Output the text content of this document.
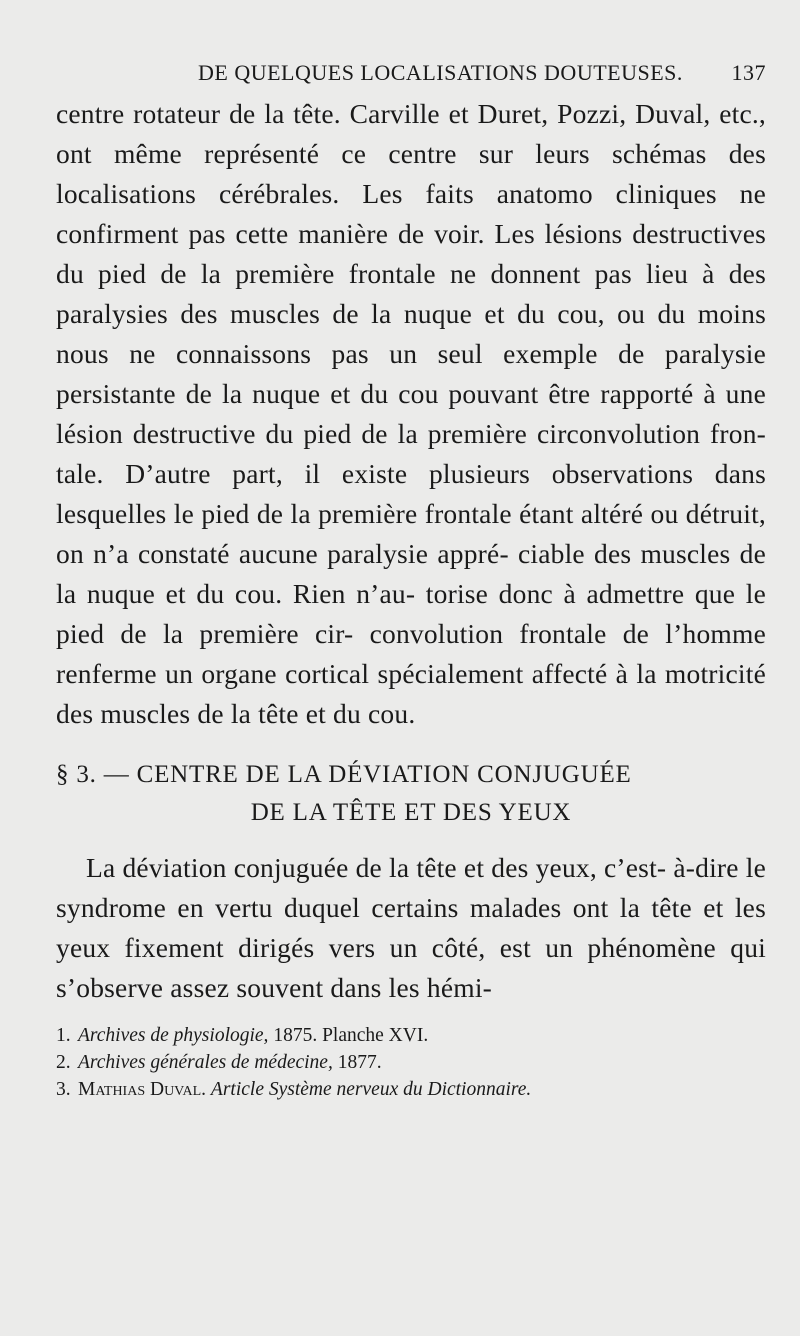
DE QUELQUES LOCALISATIONS DOUTEUSES. 137

centre rotateur de la tête. Carville et Duret, Pozzi, Duval, etc., ont même représenté ce centre sur leurs schémas des localisations cérébrales. Les faits anatomo cliniques ne confirment pas cette manière de voir. Les lésions destructives du pied de la première frontale ne donnent pas lieu à des paralysies des muscles de la nuque et du cou, ou du moins nous ne connaissons pas un seul exemple de paralysie persistante de la nuque et du cou pouvant être rapporté à une lésion destructive du pied de la première circonvolution fron- tale. D’autre part, il existe plusieurs observations dans lesquelles le pied de la première frontale étant altéré ou détruit, on n’a constaté aucune paralysie appré- ciable des muscles de la nuque et du cou. Rien n’au- torise donc à admettre que le pied de la première cir- convolution frontale de l’homme renferme un organe cortical spécialement affecté à la motricité des muscles de la tête et du cou.

§ 3. — CENTRE DE LA DÉVIATION CONJUGUÉE
DE LA TÊTE ET DES YEUX

La déviation conjuguée de la tête et des yeux, c’est- à-dire le syndrome en vertu duquel certains malades ont la tête et les yeux fixement dirigés vers un côté, est un phénomène qui s’observe assez souvent dans les hémi-

1. Archives de physiologie, 1875. Planche XVI.
2. Archives générales de médecine, 1877.
3. Mathias Duval. Article Système nerveux du Dictionnaire.
